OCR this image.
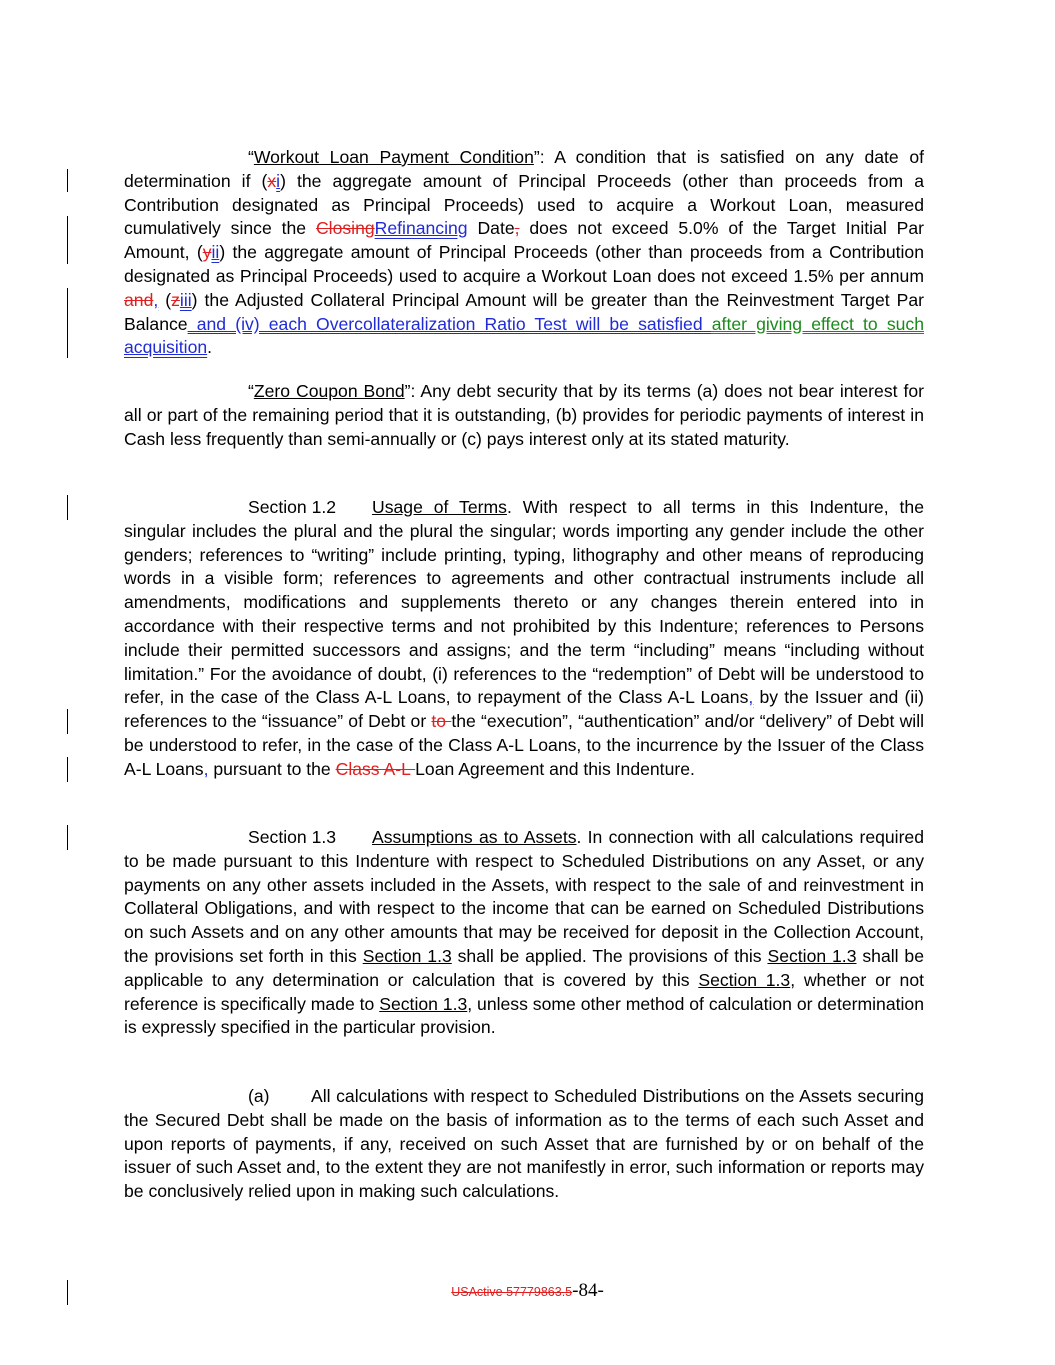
“Workout Loan Payment Condition”: A condition that is satisfied on any date of determination if (xi) the aggregate amount of Principal Proceeds (other than proceeds from a Contribution designated as Principal Proceeds) used to acquire a Workout Loan, measured cumulatively since the ClosingRefinancing Date, does not exceed 5.0% of the Target Initial Par Amount, (yii) the aggregate amount of Principal Proceeds (other than proceeds from a Contribution designated as Principal Proceeds) used to acquire a Workout Loan does not exceed 1.5% per annum and, (ziii) the Adjusted Collateral Principal Amount will be greater than the Reinvestment Target Par Balance and (iv) each Overcollateralization Ratio Test will be satisfied after giving effect to such acquisition.

“Zero Coupon Bond”: Any debt security that by its terms (a) does not bear interest for all or part of the remaining period that it is outstanding, (b) provides for periodic payments of interest in Cash less frequently than semi-annually or (c) pays interest only at its stated maturity.

Section 1.2 Usage of Terms. With respect to all terms in this Indenture, the singular includes the plural and the plural the singular; words importing any gender include the other genders; references to “writing” include printing, typing, lithography and other means of reproducing words in a visible form; references to agreements and other contractual instruments include all amendments, modifications and supplements thereto or any changes therein entered into in accordance with their respective terms and not prohibited by this Indenture; references to Persons include their permitted successors and assigns; and the term “including” means “including without limitation.” For the avoidance of doubt, (i) references to the “redemption” of Debt will be understood to refer, in the case of the Class A-L Loans, to repayment of the Class A-L Loans, by the Issuer and (ii) references to the “issuance” of Debt or to the “execution”, “authentication” and/or “delivery” of Debt will be understood to refer, in the case of the Class A-L Loans, to the incurrence by the Issuer of the Class A-L Loans, pursuant to the Class A-L Loan Agreement and this Indenture.

Section 1.3 Assumptions as to Assets. In connection with all calculations required to be made pursuant to this Indenture with respect to Scheduled Distributions on any Asset, or any payments on any other assets included in the Assets, with respect to the sale of and reinvestment in Collateral Obligations, and with respect to the income that can be earned on Scheduled Distributions on such Assets and on any other amounts that may be received for deposit in the Collection Account, the provisions set forth in this Section 1.3 shall be applied. The provisions of this Section 1.3 shall be applicable to any determination or calculation that is covered by this Section 1.3, whether or not reference is specifically made to Section 1.3, unless some other method of calculation or determination is expressly specified in the particular provision.

(a) All calculations with respect to Scheduled Distributions on the Assets securing the Secured Debt shall be made on the basis of information as to the terms of each such Asset and upon reports of payments, if any, received on such Asset that are furnished by or on behalf of the issuer of such Asset and, to the extent they are not manifestly in error, such information or reports may be conclusively relied upon in making such calculations.

USActive 57779863.5-84-
